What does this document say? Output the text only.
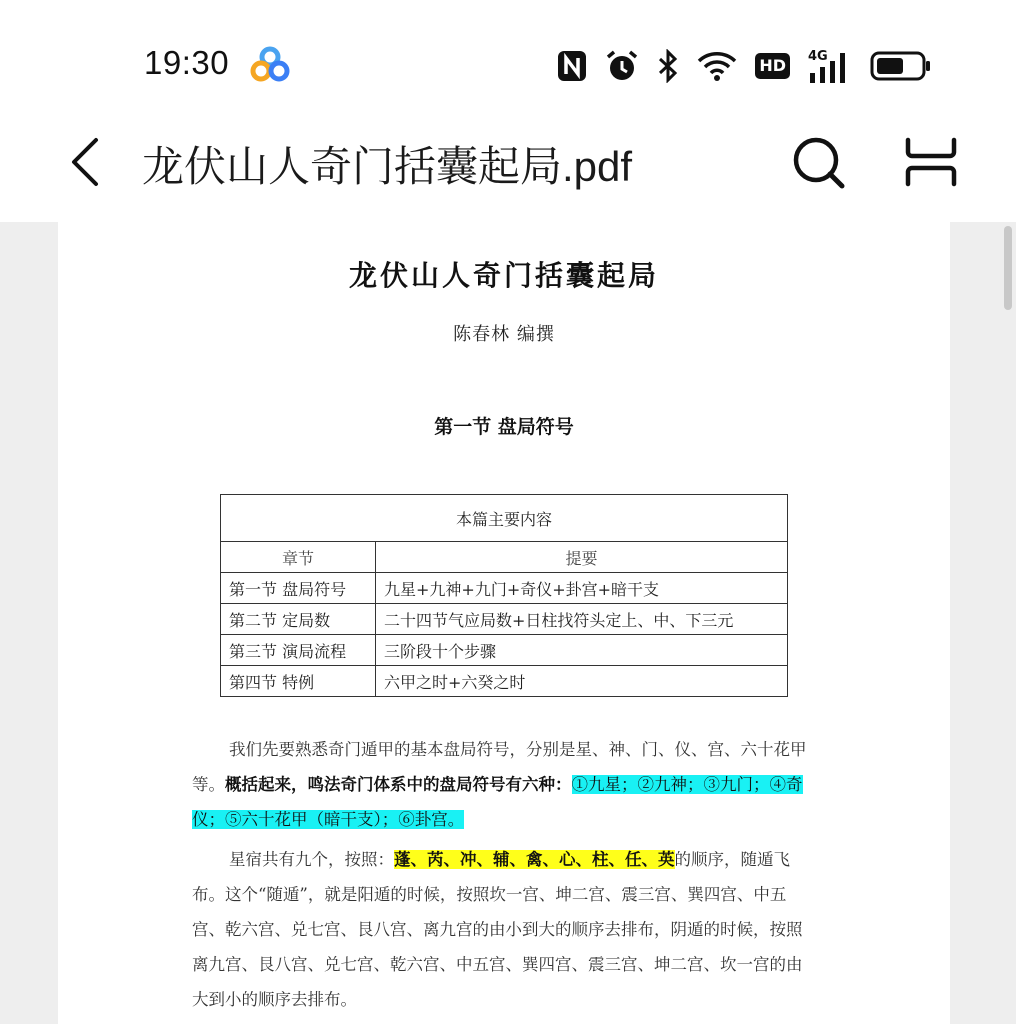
19:30	HD	4G
龙伏山人奇门括囊起局.pdf
龙伏山人奇门括囊起局
陈春林 编撰
第一节 盘局符号
本篇主要内容	
章节	提要
第一节 盘局符号	九星+九神+九门+奇仪+卦宫+暗干支
第二节 定局数	二十四节气应局数+日柱找符头定上、中、下三元
第三节 演局流程	三阶段十个步骤
第四节 特例	六甲之时+六癸之时
我们先要熟悉奇门遁甲的基本盘局符号，分别是星、神、门、仪、宫、六十花甲等。概括起来，鸣法奇门体系中的盘局符号有六种：①九星；②九神；③九门；④奇仪；⑤六十花甲（暗干支）；⑥卦宫。
星宿共有九个，按照：蓬、芮、冲、辅、禽、心、柱、任、英的顺序，随遁飞布。这个“随遁”，就是阳遁的时候，按照坎一宫、坤二宫、震三宫、巽四宫、中五宫、乾六宫、兑七宫、艮八宫、离九宫的由小到大的顺序去排布，阴遁的时候，按照离九宫、艮八宫、兑七宫、乾六宫、中五宫、巽四宫、震三宫、坤二宫、坎一宫的由大到小的顺序去排布。
